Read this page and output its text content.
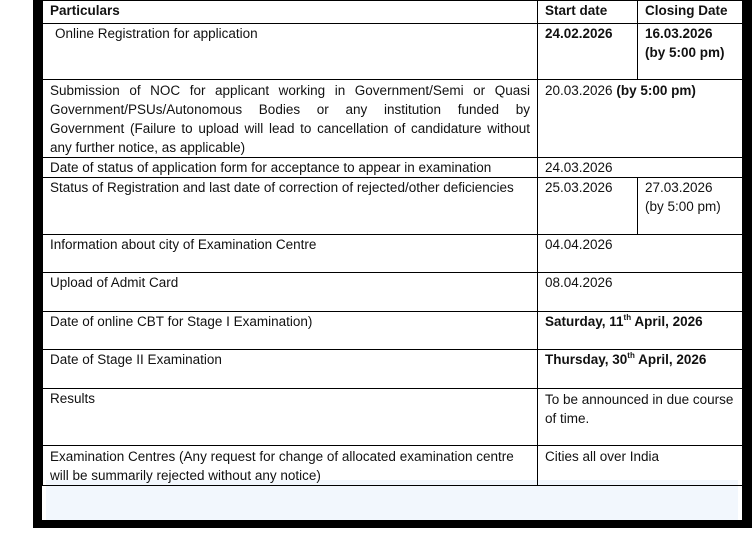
Particulars	Start date	Closing Date
Online Registration for application	24.02.2026	16.03.2026
(by 5:00 pm)

Submission of NOC for applicant working in Government/Semi or Quasi Government/PSUs/Autonomous Bodies or any institution funded by Government (Failure to upload will lead to cancellation of candidature without any further notice, as applicable)	20.03.2026 (by 5:00 pm)	
Date of status of application form for acceptance to appear in examination	24.03.2026	
Status of Registration and last date of correction of rejected/other deficiencies	25.03.2026	27.03.2026
(by 5:00 pm)

Information about city of Examination Centre	04.04.2026	
Upload of Admit Card	08.04.2026	
Date of online CBT for Stage I Examination)	Saturday, 11th April, 2026	
Date of Stage II Examination	Thursday, 30th April, 2026	
Results	To be announced in due course of time.	
Examination Centres (Any request for change of allocated examination centre will be summarily rejected without any notice)	Cities all over India	
